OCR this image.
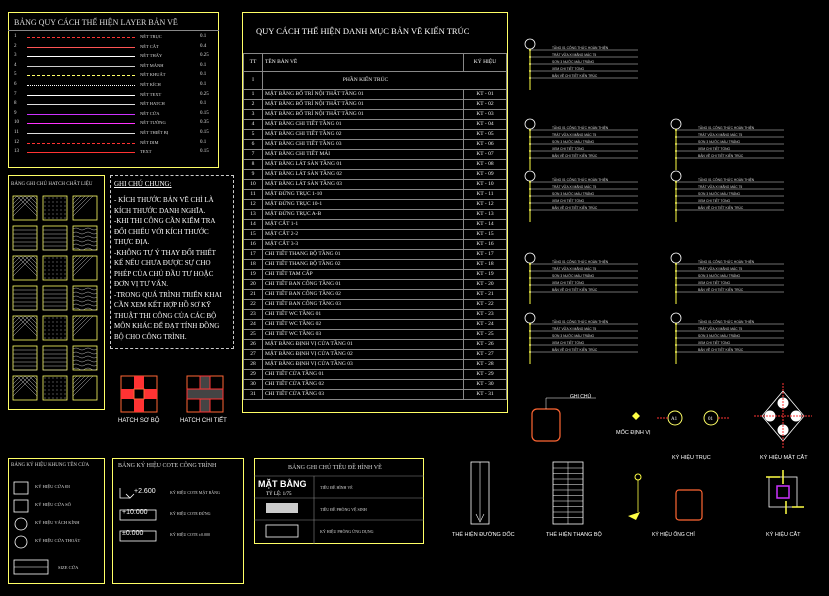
BẢNG QUY CÁCH THỂ HIỆN LAYER BẢN VẼ
1	NÉT TRỤC	0.1
2	NÉT CẮT	0.4
3	NÉT THẤY	0.25
4	NÉT MẢNH	0.1
5	NÉT KHUẤT	0.1
6	NÉT KÍCH	0.1
7	NÉT TEXT	0.25
8	NÉT HATCH	0.1
9	NÉT CỬA	0.15
10	NÉT TƯỜNG	0.35
11	NÉT THIẾT BỊ	0.15
12	NÉT DIM	0.1
13	TEXT	0.15
BẢNG GHI CHÚ HATCH CHẤT LIỆU	GHI CHÚ CHUNG:
- KÍCH THƯỚC BẢN VẼ CHỈ LÀ
KÍCH THƯỚC DANH NGHĨA.
-KHI THI CÔNG CẦN KIỂM TRA
ĐỐI CHIẾU VỚI KÍCH THƯỚC
THỰC ĐỊA.
-KHÔNG TỰ Ý THAY ĐỔI THIẾT
KẾ NẾU CHƯA ĐƯỢC SỰ CHO
PHÉP CỦA CHỦ ĐẦU TƯ HOẶC
ĐƠN VỊ TƯ VẤN.
-TRONG QUÁ TRÌNH TRIỂN KHAI
CẦN XEM KẾT HỢP HỒ SƠ KỸ
THUẬT THI CÔNG CỦA CÁC BỘ
MÔN KHÁC ĐỂ ĐẠT TÍNH ĐỒNG
BỘ CHO CÔNG TRÌNH.
HATCH SƠ BỘ	HATCH CHI TIẾT
QUY CÁCH THỂ HIỆN DANH MỤC BẢN VẼ KIẾN TRÚC
TT	TÊN BẢN VẼ	KÝ HIỆU
I	PHẦN KIẾN TRÚC	
1	MẶT BẰNG BỐ TRÍ NỘI THẤT TẦNG 01	KT - 01
2	MẶT BẰNG BỐ TRÍ NỘI THẤT TẦNG 01	KT - 02
3	MẶT BẰNG BỐ TRÍ NỘI THẤT TẦNG 01	KT - 03
4	MẶT BẰNG CHI TIẾT TẦNG 01	KT - 04
5	MẶT BẰNG CHI TIẾT TẦNG 02	KT - 05
6	MẶT BẰNG CHI TIẾT TẦNG 03	KT - 06
7	MẶT BẰNG CHI TIẾT MÁI	KT - 07
8	MẶT BẰNG LÁT SÀN TẦNG 01	KT - 08
9	MẶT BẰNG LÁT SÀN TẦNG 02	KT - 09
10	MẶT BẰNG LÁT SÀN TẦNG 03	KT - 10
11	MẶT ĐỨNG TRỤC 1-10	KT - 11
12	MẶT ĐỨNG TRỤC 10-1	KT - 12
13	MẶT ĐỨNG TRỤC A-B	KT - 13
14	MẶT CẮT 1-1	KT - 14
15	MẶT CẮT 2-2	KT - 15
16	MẶT CẮT 3-3	KT - 16
17	CHI TIẾT THANG BỘ TẦNG 01	KT - 17
18	CHI TIẾT THANG BỘ TẦNG 02	KT - 18
19	CHI TIẾT TAM CẤP	KT - 19
20	CHI TIẾT BAN CÔNG TẦNG 01	KT - 20
21	CHI TIẾT BAN CÔNG TẦNG 02	KT - 21
22	CHI TIẾT BAN CÔNG TẦNG 03	KT - 22
23	CHI TIẾT WC TẦNG 01	KT - 23
24	CHI TIẾT WC TẦNG 02	KT - 24
25	CHI TIẾT WC TẦNG 03	KT - 25
26	MẶT BẰNG ĐỊNH VỊ CỬA TẦNG 01	KT - 26
27	MẶT BẰNG ĐỊNH VỊ CỬA TẦNG 02	KT - 27
28	MẶT BẰNG ĐỊNH VỊ CỬA TẦNG 03	KT - 28
29	CHI TIẾT CỬA TẦNG 01	KT - 29
30	CHI TIẾT CỬA TẦNG 02	KT - 30
31	CHI TIẾT CỬA TẦNG 03	KT - 31
TẦNG 01 CÔNG THỨC HOÀN THIỆN
TRÁT VỮA XI MĂNG MÁC 75
SƠN 3 NƯỚC MÀU TRẮNG
XEM CHI TIẾT TỔNG
BẢN VẼ CHI TIẾT KIẾN TRÚC
TẦNG 01 CÔNG THỨC HOÀN THIỆN
TRÁT VỮA XI MĂNG MÁC 75
SƠN 3 NƯỚC MÀU TRẮNG
XEM CHI TIẾT TỔNG
BẢN VẼ CHI TIẾT KIẾN TRÚC
TẦNG 01 CÔNG THỨC HOÀN THIỆN
TRÁT VỮA XI MĂNG MÁC 75
SƠN 3 NƯỚC MÀU TRẮNG
XEM CHI TIẾT TỔNG
BẢN VẼ CHI TIẾT KIẾN TRÚC
TẦNG 01 CÔNG THỨC HOÀN THIỆN
TRÁT VỮA XI MĂNG MÁC 75
SƠN 3 NƯỚC MÀU TRẮNG
XEM CHI TIẾT TỔNG
BẢN VẼ CHI TIẾT KIẾN TRÚC
TẦNG 01 CÔNG THỨC HOÀN THIỆN
TRÁT VỮA XI MĂNG MÁC 75
SƠN 3 NƯỚC MÀU TRẮNG
XEM CHI TIẾT TỔNG
BẢN VẼ CHI TIẾT KIẾN TRÚC
TẦNG 01 CÔNG THỨC HOÀN THIỆN
TRÁT VỮA XI MĂNG MÁC 75
SƠN 3 NƯỚC MÀU TRẮNG
XEM CHI TIẾT TỔNG
BẢN VẼ CHI TIẾT KIẾN TRÚC
TẦNG 01 CÔNG THỨC HOÀN THIỆN
TRÁT VỮA XI MĂNG MÁC 75
SƠN 3 NƯỚC MÀU TRẮNG
XEM CHI TIẾT TỔNG
BẢN VẼ CHI TIẾT KIẾN TRÚC
TẦNG 01 CÔNG THỨC HOÀN THIỆN
TRÁT VỮA XI MĂNG MÁC 75
SƠN 3 NƯỚC MÀU TRẮNG
XEM CHI TIẾT TỔNG
BẢN VẼ CHI TIẾT KIẾN TRÚC
TẦNG 01 CÔNG THỨC HOÀN THIỆN
TRÁT VỮA XI MĂNG MÁC 75
SƠN 3 NƯỚC MÀU TRẮNG
XEM CHI TIẾT TỔNG
BẢN VẼ CHI TIẾT KIẾN TRÚC
A1	01
BẢNG KÝ HIỆU KHUNG TÊN CỬA
KÝ HIỆU CỬA ĐI
KÝ HIỆU CỬA SỔ
KÝ HIỆU VÁCH KÍNH
KÝ HIỆU CỬA THOÁT
SIZE CỬA
BẢNG KÝ HIỆU COTE CÔNG TRÌNH
+2.600	KÝ HIỆU COTE MẶT BẰNG
+10.000	KÝ HIỆU COTE ĐỨNG
±0.000	KÝ HIỆU COTE ±0.000
BẢNG GHI CHÚ TIÊU ĐỀ HÌNH VẼ
MẶT BẰNG
TỶ LỆ: 1/75
TIÊU ĐỀ HÌNH VẼ
TIÊU ĐỀ PHÒNG VỆ SINH
KÝ HIỆU PHÒNG ỨNG DỤNG
THỂ HIỆN ĐƯỜNG DỐC	THỂ HIỆN THANG BỘ	KÝ HIỆU ỐNG CHỈ	KÝ HIỆU CẮT
KÝ HIỆU TRỤC	KÝ HIỆU MẶT CẮT
MỐC ĐỊNH VỊ
GHI CHÚ
